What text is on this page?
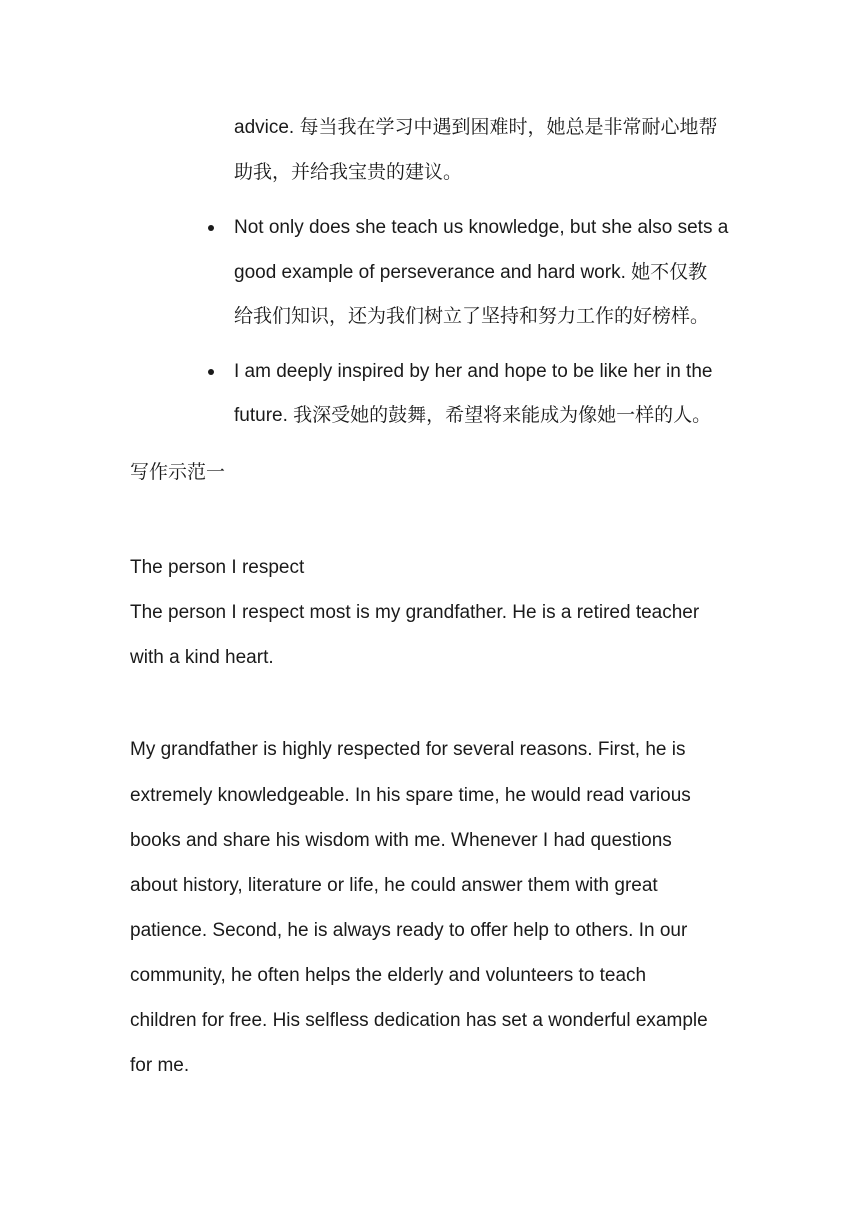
advice. 每当我在学习中遇到困难时，她总是非常耐心地帮
助我，并给我宝贵的建议。
Not only does she teach us knowledge, but she also sets a
good example of perseverance and hard work. 她不仅教
给我们知识，还为我们树立了坚持和努力工作的好榜样。
I am deeply inspired by her and hope to be like her in the
future. 我深受她的鼓舞，希望将来能成为像她一样的人。
写作示范一
The person I respect
The person I respect most is my grandfather. He is a retired teacher
with a kind heart.
My grandfather is highly respected for several reasons. First, he is
extremely knowledgeable. In his spare time, he would read various
books and share his wisdom with me. Whenever I had questions
about history, literature or life, he could answer them with great
patience. Second, he is always ready to offer help to others. In our
community, he often helps the elderly and volunteers to teach
children for free. His selfless dedication has set a wonderful example
for me.
